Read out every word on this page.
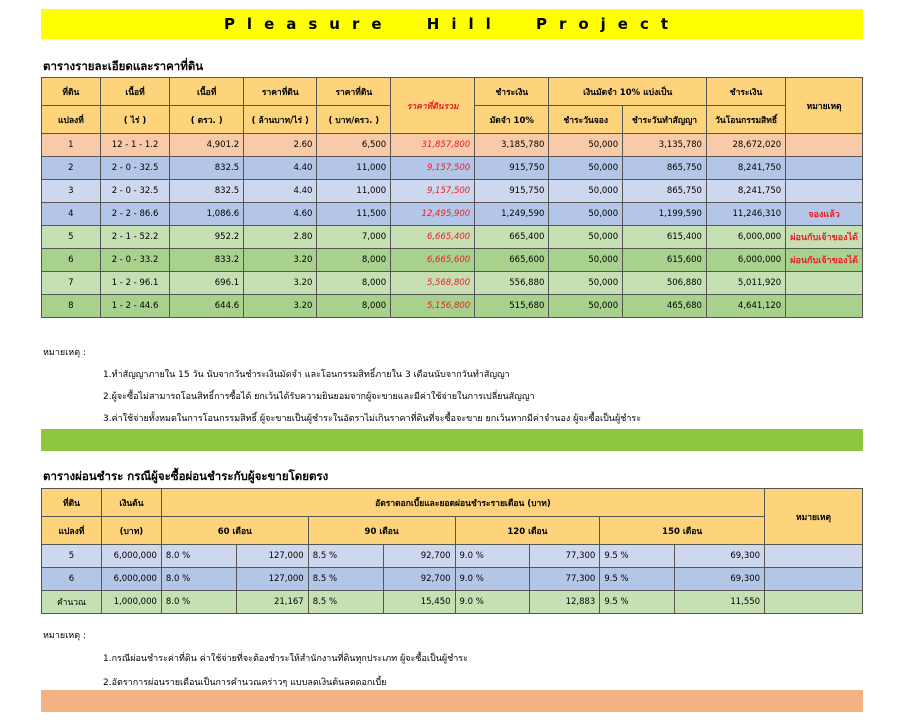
Pleasure Hill Project
ตารางรายละเอียดและราคาที่ดิน
ที่ดิน	เนื้อที่	เนื้อที่	ราคาที่ดิน	ราคาที่ดิน	ราคาที่ดินรวม	ชำระเงิน	เงินมัดจำ 10% แบ่งเป็น		ชำระเงิน	หมายเหตุ
แปลงที่	( ไร่ )	( ตรว. )	( ล้านบาท/ไร่ )	( บาท/ตรว. )		มัดจำ 10%	ชำระวันจอง	ชำระวันทำสัญญา	วันโอนกรรมสิทธิ์	
1	12 - 1 - 1.2	4,901.2	2.60	6,500	31,857,800	3,185,780	50,000	3,135,780	28,672,020	
2	2 - 0 - 32.5	832.5	4.40	11,000	9,157,500	915,750	50,000	865,750	8,241,750	
3	2 - 0 - 32.5	832.5	4.40	11,000	9,157,500	915,750	50,000	865,750	8,241,750	
4	2 - 2 - 86.6	1,086.6	4.60	11,500	12,495,900	1,249,590	50,000	1,199,590	11,246,310	จองแล้ว
5	2 - 1 - 52.2	952.2	2.80	7,000	6,665,400	665,400	50,000	615,400	6,000,000	ผ่อนกับเจ้าของได้
6	2 - 0 - 33.2	833.2	3.20	8,000	6,665,600	665,600	50,000	615,600	6,000,000	ผ่อนกับเจ้าของได้
7	1 - 2 - 96.1	696.1	3.20	8,000	5,568,800	556,880	50,000	506,880	5,011,920	
8	1 - 2 - 44.6	644.6	3.20	8,000	5,156,800	515,680	50,000	465,680	4,641,120	
หมายเหตุ :
1.ทำสัญญาภายใน 15 วัน นับจากวันชำระเงินมัดจำ และโอนกรรมสิทธิ์ภายใน 3 เดือนนับจากวันทำสัญญา
2.ผู้จะซื้อไม่สามารถโอนสิทธิ์การซื้อได้ ยกเว้นได้รับความยินยอมจากผู้จะขายและมีค่าใช้จ่ายในการเปลี่ยนสัญญา
3.ค่าใช้จ่ายทั้งหมดในการโอนกรรมสิทธิ์ ผู้จะขายเป็นผู้ชำระในอัตราไม่เกินราคาที่ดินที่จะซื้อจะขาย ยกเว้นหากมีค่าจำนอง ผู้จะซื้อเป็นผู้ชำระ
ตารางผ่อนชำระ กรณีผู้จะซื้อผ่อนชำระกับผู้จะขายโดยตรง
ที่ดิน	เงินต้น	อัตราดอกเบี้ยและยอดผ่อนชำระรายเดือน (บาท)								หมายเหตุ
แปลงที่	(บาท)	60 เดือน		90 เดือน		120 เดือน		150 เดือน		
5	6,000,000	8.0 %	127,000	8.5 %	92,700	9.0 %	77,300	9.5 %	69,300	
6	6,000,000	8.0 %	127,000	8.5 %	92,700	9.0 %	77,300	9.5 %	69,300	
คำนวณ	1,000,000	8.0 %	21,167	8.5 %	15,450	9.0 %	12,883	9.5 %	11,550	
หมายเหตุ :
1.กรณีผ่อนชำระค่าที่ดิน ค่าใช้จ่ายที่จะต้องชำระให้สำนักงานที่ดินทุกประเภท ผู้จะซื้อเป็นผู้ชำระ
2.อัตราการผ่อนรายเดือนเป็นการคำนวณคร่าวๆ แบบลดเงินต้นลดดอกเบี้ย
